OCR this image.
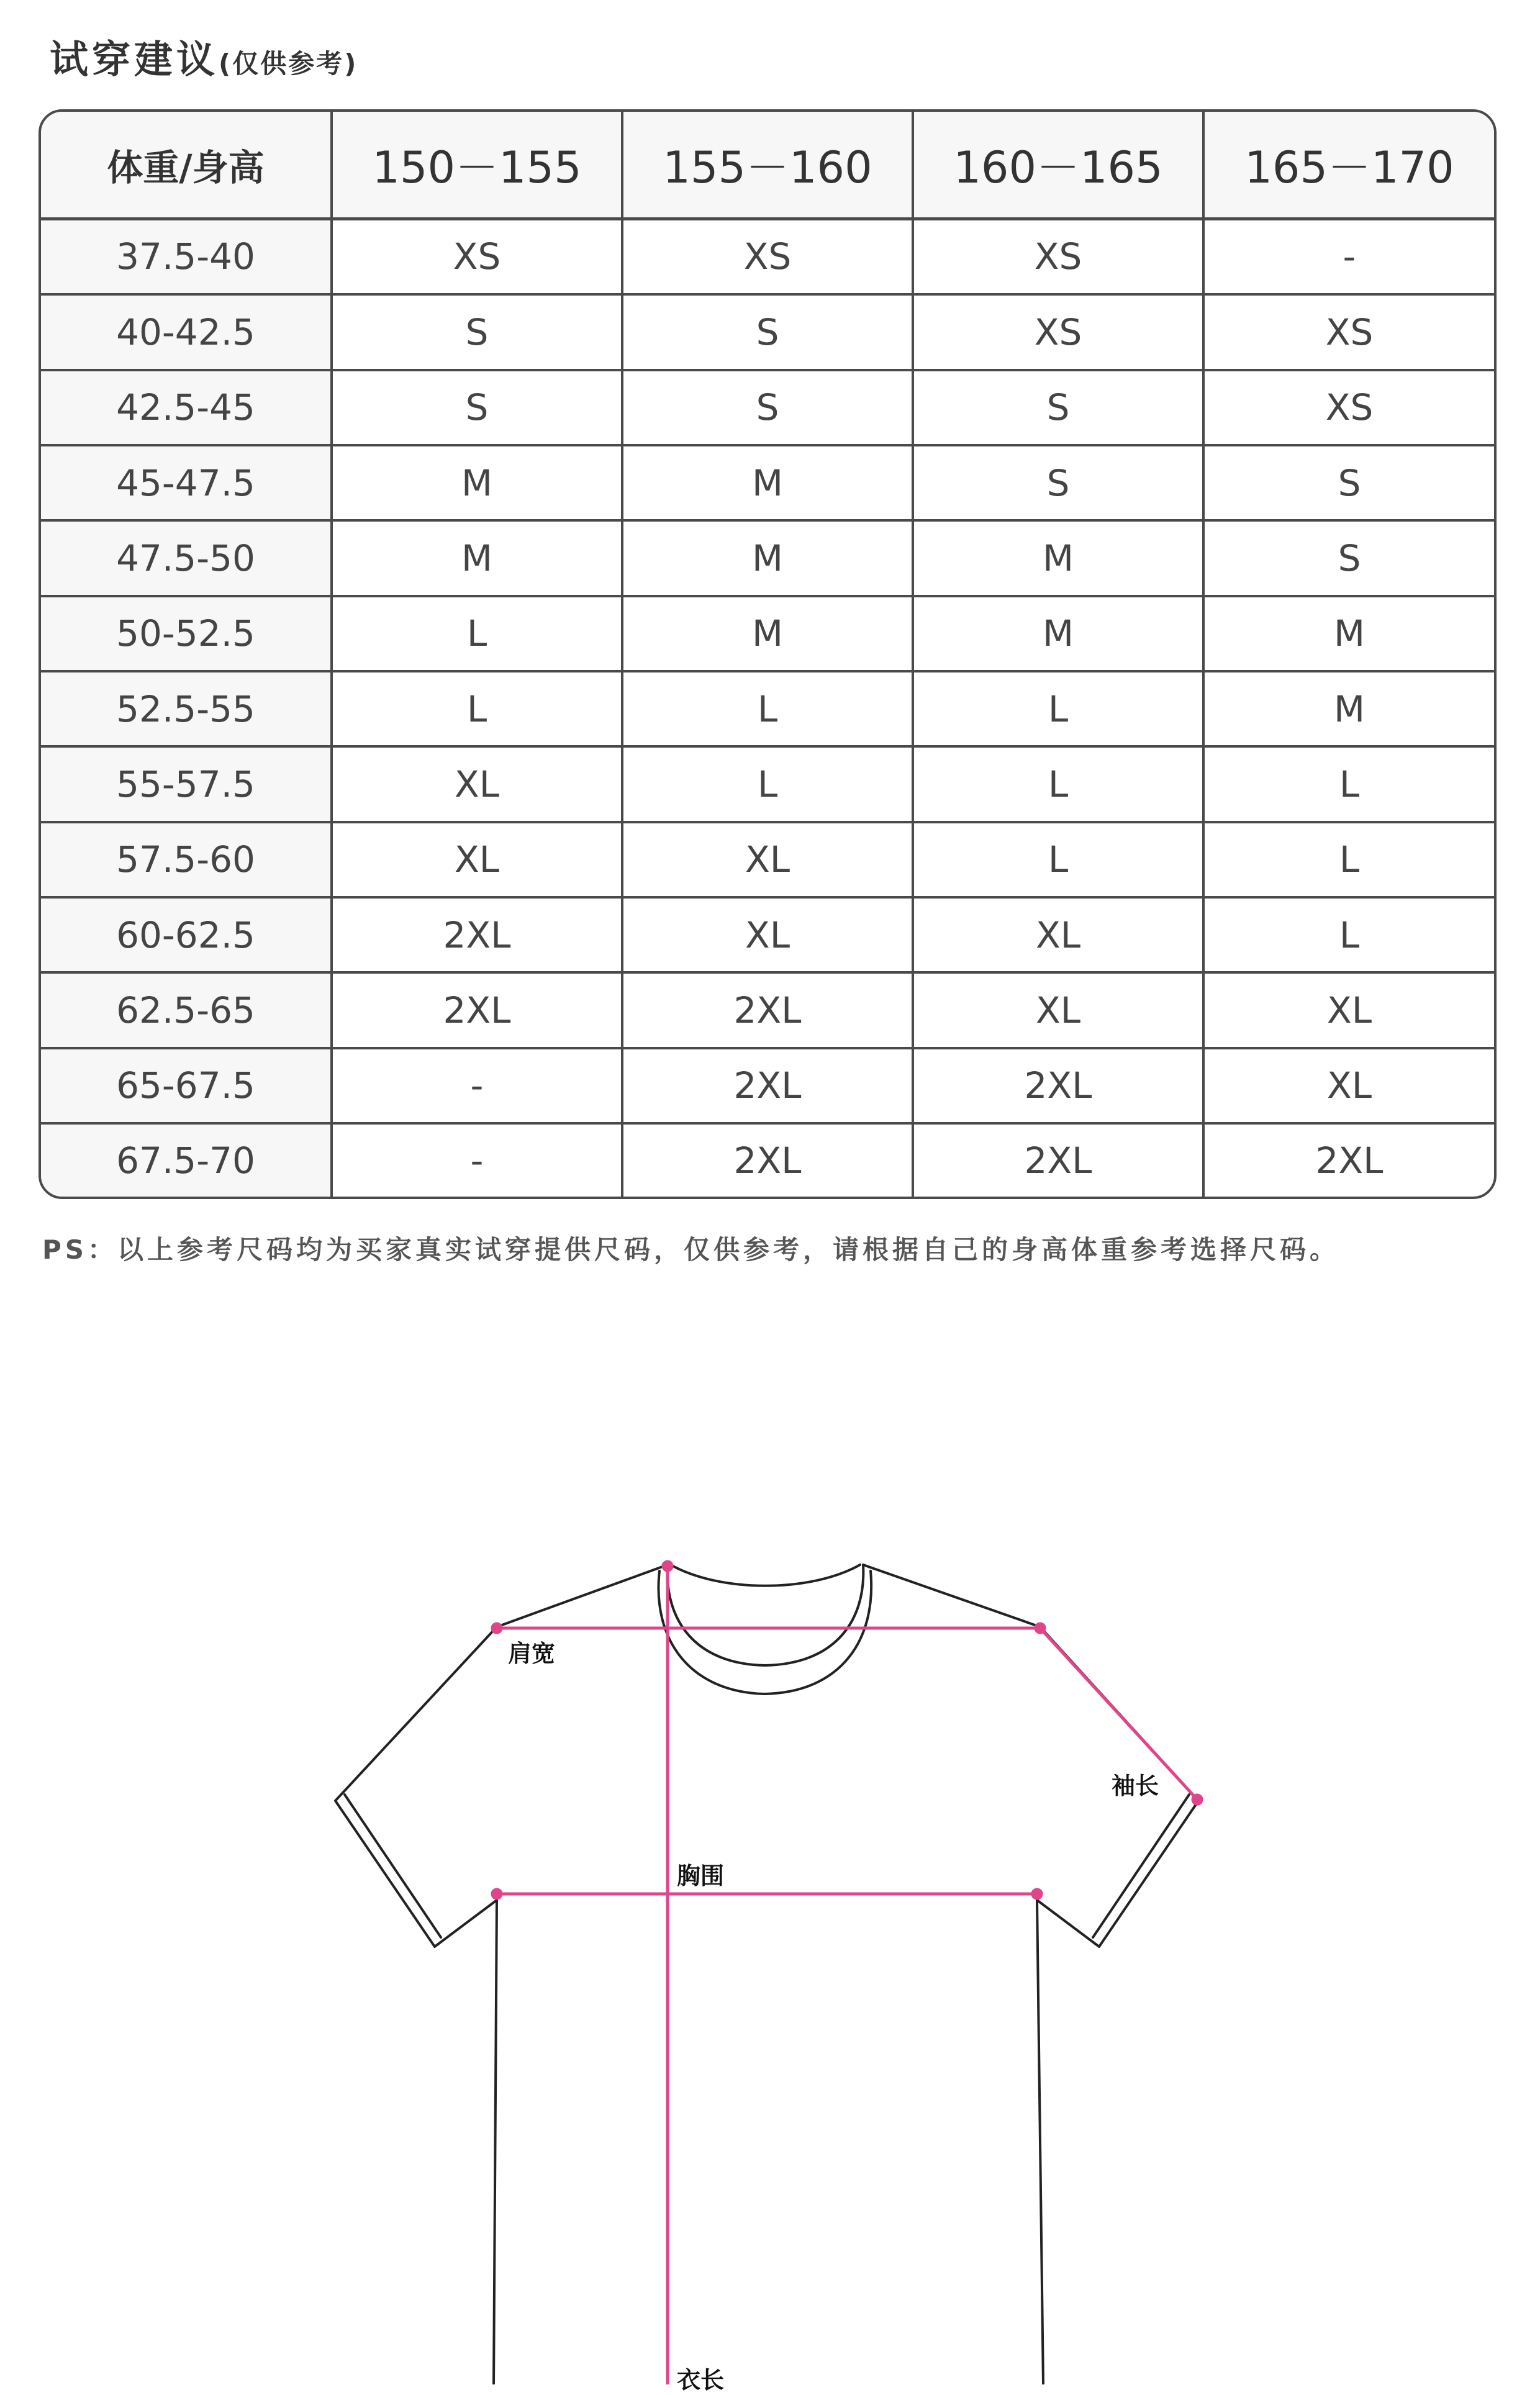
试穿建议(仅供参考)
体重/身高	150－155	155－160	160－165	165－170
37.5-40	XS	XS	XS	-
40-42.5	S	S	XS	XS
42.5-45	S	S	S	XS
45-47.5	M	M	S	S
47.5-50	M	M	M	S
50-52.5	L	M	M	M
52.5-55	L	L	L	M
55-57.5	XL	L	L	L
57.5-60	XL	XL	L	L
60-62.5	2XL	XL	XL	L
62.5-65	2XL	2XL	XL	XL
65-67.5	-	2XL	2XL	XL
67.5-70	-	2XL	2XL	2XL
PS：以上参考尺码均为买家真实试穿提供尺码，仅供参考，请根据自己的身高体重参考选择尺码。
肩宽
胸围
袖长
衣长
